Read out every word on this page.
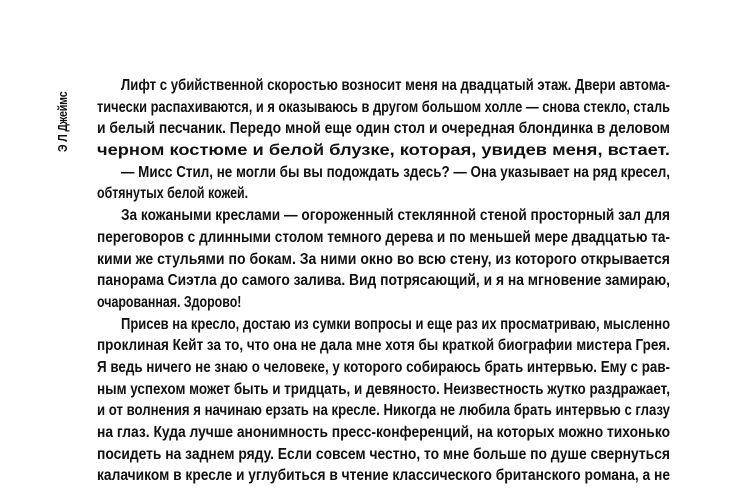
Э Л Джеймс
Лифт с убийственной скоростью возносит меня на двадцатый этаж. Двери автома-
тически распахиваются, и я оказываюсь в другом большом холле — снова стекло, сталь
и белый песчаник. Передо мной еще один стол и очередная блондинка в деловом
черном костюме и белой блузке, которая, увидев меня, встает.
— Мисс Стил, не могли бы вы подождать здесь? — Она указывает на ряд кресел,
обтянутых белой кожей.
За кожаными креслами — огороженный стеклянной стеной просторный зал для
переговоров с длинными столом темного дерева и по меньшей мере двадцатью та-
кими же стульями по бокам. За ними окно во всю стену, из которого открывается
панорама Сиэтла до самого залива. Вид потрясающий, и я на мгновение замираю,
очарованная. Здорово!
Присев на кресло, достаю из сумки вопросы и еще раз их просматриваю, мысленно
проклиная Кейт за то, что она не дала мне хотя бы краткой биографии мистера Грея.
Я ведь ничего не знаю о человеке, у которого собираюсь брать интервью. Ему с рав-
ным успехом может быть и тридцать, и девяносто. Неизвестность жутко раздражает,
и от волнения я начинаю ерзать на кресле. Никогда не любила брать интервью с глазу
на глаз. Куда лучше анонимность пресс-конференций, на которых можно тихонько
посидеть на заднем ряду. Если совсем честно, то мне больше по душе свернуться
калачиком в кресле и углубиться в чтение классического британского романа, а не
